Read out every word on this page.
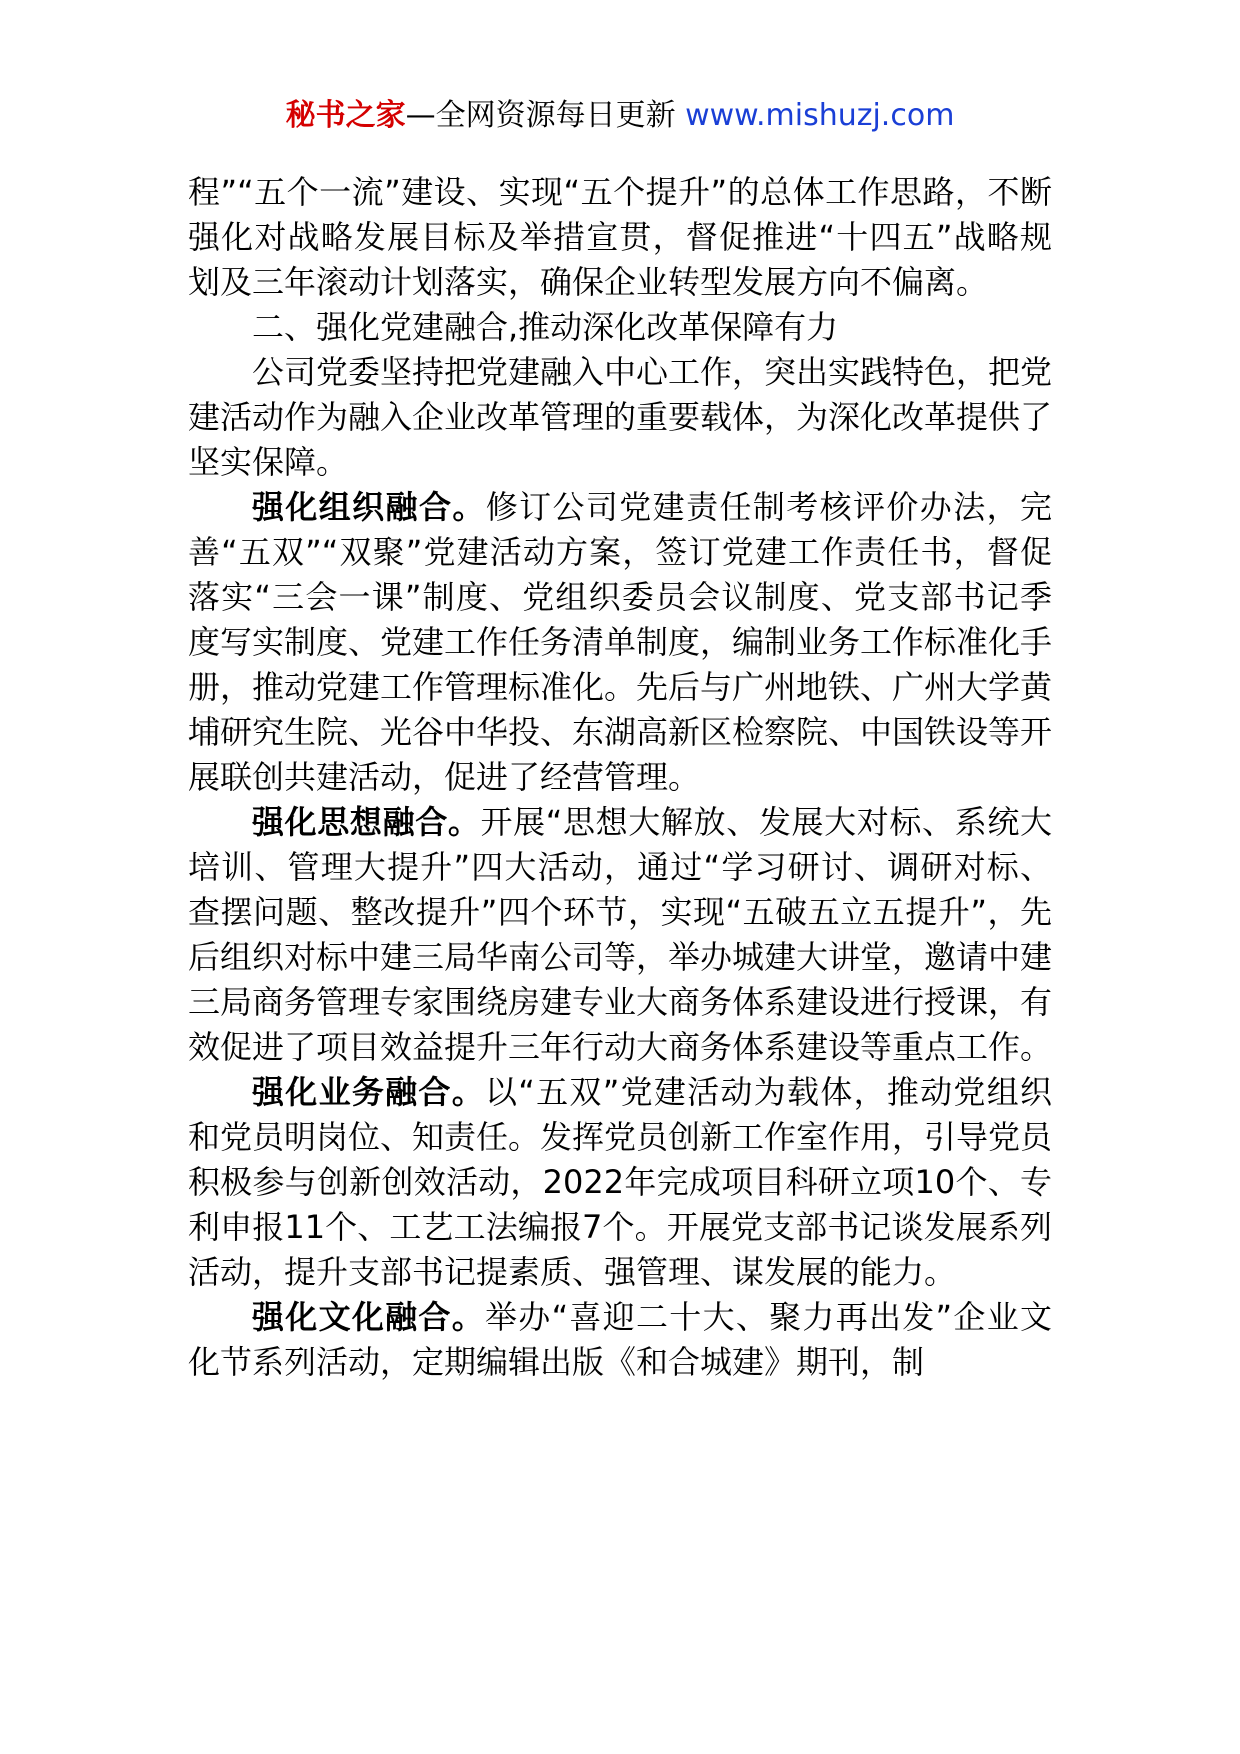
秘书之家—全网资源每日更新 www.mishuzj.com

程”“五个一流”建设、实现“五个提升”的总体工作思路，不断强化对战略发展目标及举措宣贯，督促推进“十四五”战略规划及三年滚动计划落实，确保企业转型发展方向不偏离。

二、强化党建融合,推动深化改革保障有力

公司党委坚持把党建融入中心工作，突出实践特色，把党建活动作为融入企业改革管理的重要载体，为深化改革提供了坚实保障。

强化组织融合。修订公司党建责任制考核评价办法，完善“五双”“双聚”党建活动方案，签订党建工作责任书，督促落实“三会一课”制度、党组织委员会议制度、党支部书记季度写实制度、党建工作任务清单制度，编制业务工作标准化手册，推动党建工作管理标准化。先后与广州地铁、广州大学黄埔研究生院、光谷中华投、东湖高新区检察院、中国铁设等开展联创共建活动，促进了经营管理。

强化思想融合。开展“思想大解放、发展大对标、系统大培训、管理大提升”四大活动，通过“学习研讨、调研对标、查摆问题、整改提升”四个环节，实现“五破五立五提升”，先后组织对标中建三局华南公司等，举办城建大讲堂，邀请中建三局商务管理专家围绕房建专业大商务体系建设进行授课，有效促进了项目效益提升三年行动大商务体系建设等重点工作。

强化业务融合。以“五双”党建活动为载体，推动党组织和党员明岗位、知责任。发挥党员创新工作室作用，引导党员积极参与创新创效活动，2022年完成项目科研立项10个、专利申报11个、工艺工法编报7个。开展党支部书记谈发展系列活动，提升支部书记提素质、强管理、谋发展的能力。

强化文化融合。举办“喜迎二十大、聚力再出发”企业文化节系列活动，定期编辑出版《和合城建》期刊，制
